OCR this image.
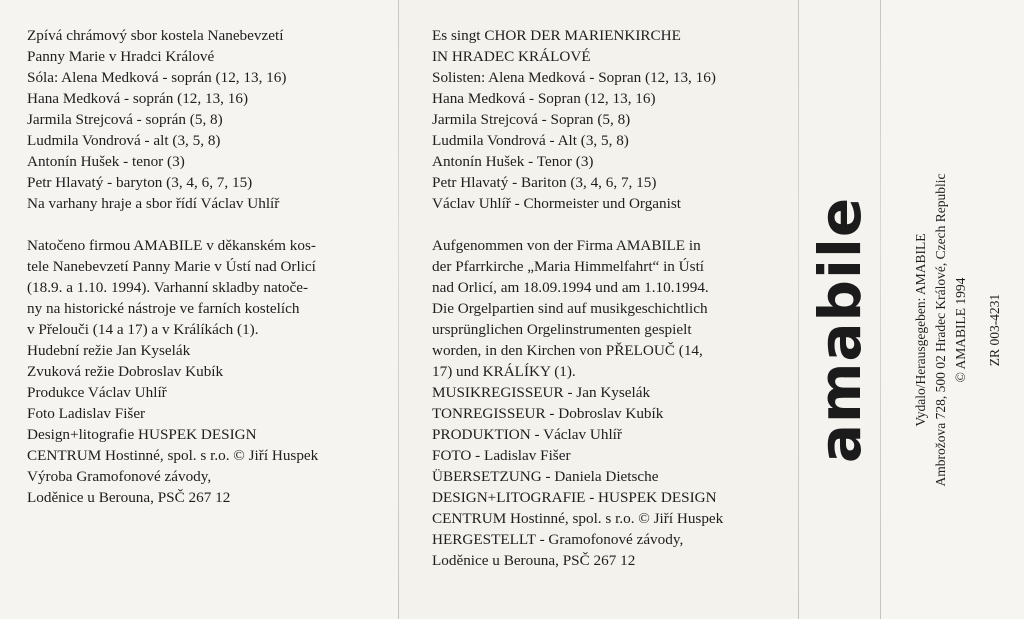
Zpívá chrámový sbor kostela Nanebevzetí
Panny Marie v Hradci Králové
Sóla: Alena Medková - soprán (12, 13, 16)
Hana Medková - soprán (12, 13, 16)
Jarmila Strejcová - soprán (5, 8)
Ludmila Vondrová - alt (3, 5, 8)
Antonín Hušek - tenor (3)
Petr Hlavatý - baryton (3, 4, 6, 7, 15)
Na varhany hraje a sbor řídí Václav Uhlíř
Natočeno firmou AMABILE v děkanském kos-
tele Nanebevzetí Panny Marie v Ústí nad Orlicí
(18.9. a 1.10. 1994). Varhanní skladby natoče-
ny na historické nástroje ve farních kostelích
v Přelouči (14 a 17) a v Králíkách (1).
Hudební režie Jan Kyselák
Zvuková režie Dobroslav Kubík
Produkce Václav Uhlíř
Foto Ladislav Fišer
Design+litografie HUSPEK DESIGN
CENTRUM Hostinné, spol. s r.o. © Jiří Huspek
Výroba Gramofonové závody,
Loděnice u Berouna, PSČ 267 12
Es singt CHOR DER MARIENKIRCHE
IN HRADEC KRÁLOVÉ
Solisten: Alena Medková - Sopran (12, 13, 16)
Hana Medková - Sopran (12, 13, 16)
Jarmila Strejcová - Sopran (5, 8)
Ludmila Vondrová - Alt (3, 5, 8)
Antonín Hušek - Tenor (3)
Petr Hlavatý - Bariton (3, 4, 6, 7, 15)
Václav Uhlíř - Chormeister und Organist
Aufgenommen von der Firma AMABILE in
der Pfarrkirche „Maria Himmelfahrt“ in Ústí
nad Orlicí, am 18.09.1994 und am 1.10.1994.
Die Orgelpartien sind auf musikgeschichtlich
ursprünglichen Orgelinstrumenten gespielt
worden, in den Kirchen von PŘELOUČ (14,
17) und KRÁLÍKY (1).
MUSIKREGISSEUR - Jan Kyselák
TONREGISSEUR - Dobroslav Kubík
PRODUKTION - Václav Uhlíř
FOTO - Ladislav Fišer
ÜBERSETZUNG - Daniela Dietsche
DESIGN+LITOGRAFIE - HUSPEK DESIGN
CENTRUM Hostinné, spol. s r.o. © Jiří Huspek
HERGESTELLT - Gramofonové závody,
Loděnice u Berouna, PSČ 267 12
amabile	Vydalo/Herausgegeben: AMABILE Ambrožova 728, 500 02 Hradec Králové, Czech Republic © AMABILE 1994 ZR 003-4231
